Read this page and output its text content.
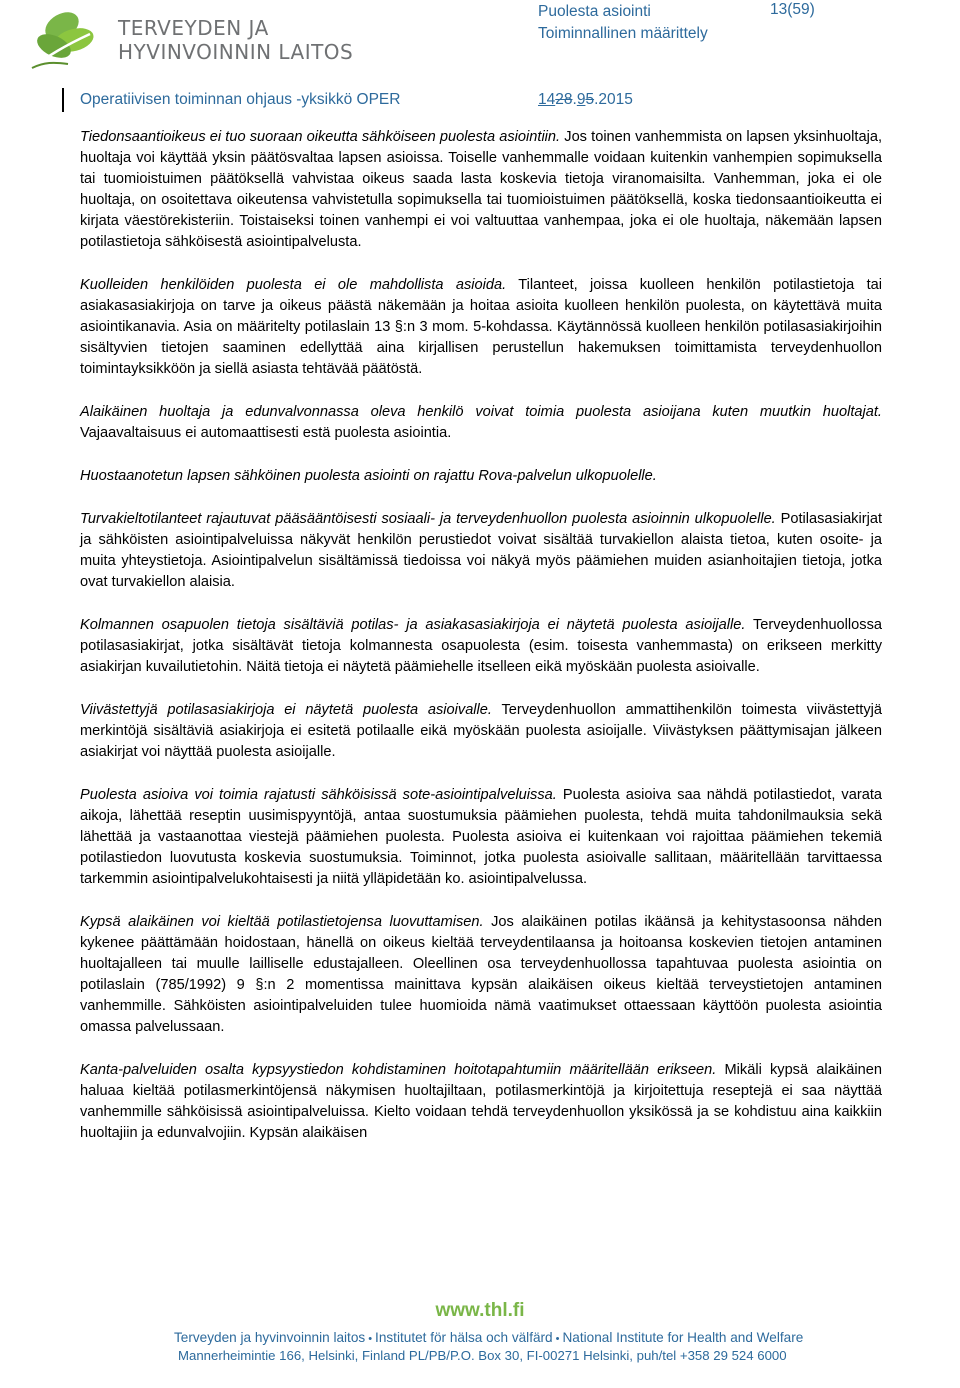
TERVEYDEN JA
HYVINVOINNIN LAITOS
Puolesta asiointi
Toiminnallinen määrittely
13(59)
Operatiivisen toiminnan ohjaus -yksikkö OPER	1428.95.2015

Tiedonsaantioikeus ei tuo suoraan oikeutta sähköiseen puolesta asiointiin. Jos toinen vanhemmista on lapsen yksinhuoltaja, huoltaja voi käyttää yksin päätösvaltaa lapsen asioissa. Toiselle vanhemmalle voidaan kuitenkin vanhempien sopimuksella tai tuomioistuimen päätöksellä vahvistaa oikeus saada lasta koskevia tietoja viranomaisilta. Vanhemman, joka ei ole huoltaja, on osoitettava oikeutensa vahvistetulla sopimuksella tai tuomioistuimen päätöksellä, koska tiedonsaantioikeutta ei kirjata väestörekisteriin. Toistaiseksi toinen vanhempi ei voi valtuuttaa vanhempaa, joka ei ole huoltaja, näkemään lapsen potilastietoja sähköisestä asiointipalvelusta.

Kuolleiden henkilöiden puolesta ei ole mahdollista asioida. Tilanteet, joissa kuolleen henkilön potilastietoja tai asiakasasiakirjoja on tarve ja oikeus päästä näkemään ja hoitaa asioita kuolleen henkilön puolesta, on käytettävä muita asiointikanavia. Asia on määritelty potilaslain 13 §:n 3 mom. 5-kohdassa. Käytännössä kuolleen henkilön potilasasiakirjoihin sisältyvien tietojen saaminen edellyttää aina kirjallisen perustellun hakemuksen toimittamista terveydenhuollon toimintayksikköön ja siellä asiasta tehtävää päätöstä.

Alaikäinen huoltaja ja edunvalvonnassa oleva henkilö voivat toimia puolesta asioijana kuten muutkin huoltajat. Vajaavaltaisuus ei automaattisesti estä puolesta asiointia.

Huostaanotetun lapsen sähköinen puolesta asiointi on rajattu Rova-palvelun ulkopuolelle.

Turvakieltotilanteet rajautuvat pääsääntöisesti sosiaali- ja terveydenhuollon puolesta asioinnin ulkopuolelle. Potilasasiakirjat ja sähköisten asiointipalveluissa näkyvät henkilön perustiedot voivat sisältää turvakiellon alaista tietoa, kuten osoite- ja muita yhteystietoja. Asiointipalvelun sisältämissä tiedoissa voi näkyä myös päämiehen muiden asianhoitajien tietoja, jotka ovat turvakiellon alaisia.

Kolmannen osapuolen tietoja sisältäviä potilas- ja asiakasasiakirjoja ei näytetä puolesta asioijalle. Terveydenhuollossa potilasasiakirjat, jotka sisältävät tietoja kolmannesta osapuolesta (esim. toisesta vanhemmasta) on erikseen merkitty asiakirjan kuvailutietohin. Näitä tietoja ei näytetä päämiehelle itselleen eikä myöskään puolesta asioivalle.

Viivästettyjä potilasasiakirjoja ei näytetä puolesta asioivalle. Terveydenhuollon ammattihenkilön toimesta viivästettyjä merkintöjä sisältäviä asiakirjoja ei esitetä potilaalle eikä myöskään puolesta asioijalle. Viivästyksen päättymisajan jälkeen asiakirjat voi näyttää puolesta asioijalle.

Puolesta asioiva voi toimia rajatusti sähköisissä sote-asiointipalveluissa. Puolesta asioiva saa nähdä potilastiedot, varata aikoja, lähettää reseptin uusimispyyntöjä, antaa suostumuksia päämiehen puolesta, tehdä muita tahdonilmauksia sekä lähettää ja vastaanottaa viestejä päämiehen puolesta. Puolesta asioiva ei kuitenkaan voi rajoittaa päämiehen tekemiä potilastiedon luovutusta koskevia suostumuksia. Toiminnot, jotka puolesta asioivalle sallitaan, määritellään tarvittaessa tarkemmin asiointipalvelukohtaisesti ja niitä ylläpidetään ko. asiointipalvelussa.

Kypsä alaikäinen voi kieltää potilastietojensa luovuttamisen. Jos alaikäinen potilas ikäänsä ja kehitystasoonsa nähden kykenee päättämään hoidostaan, hänellä on oikeus kieltää terveydentilaansa ja hoitoansa koskevien tietojen antaminen huoltajalleen tai muulle lailliselle edustajalleen. Oleellinen osa terveydenhuollossa tapahtuvaa puolesta asiointia on potilaslain (785/1992) 9 §:n 2 momentissa mainittava kypsän alaikäisen oikeus kieltää terveystietojen antaminen vanhemmille. Sähköisten asiointipalveluiden tulee huomioida nämä vaatimukset ottaessaan käyttöön puolesta asiointia omassa palvelussaan.

Kanta-palveluiden osalta kypsyystiedon kohdistaminen hoitotapahtumiin määritellään erikseen. Mikäli kypsä alaikäinen haluaa kieltää potilasmerkintöjensä näkymisen huoltajiltaan, potilasmerkintöjä ja kirjoitettuja reseptejä ei saa näyttää vanhemmille sähköisissä asiointipalveluissa. Kielto voidaan tehdä terveydenhuollon yksikössä ja se kohdistuu aina kaikkiin huoltajiin ja edunvalvojiin. Kypsän alaikäisen

www.thl.fi
Terveyden ja hyvinvoinnin laitos • Institutet för hälsa och välfärd • National Institute for Health and Welfare
Mannerheimintie 166, Helsinki, Finland PL/PB/P.O. Box 30, FI-00271 Helsinki, puh/tel +358 29 524 6000
